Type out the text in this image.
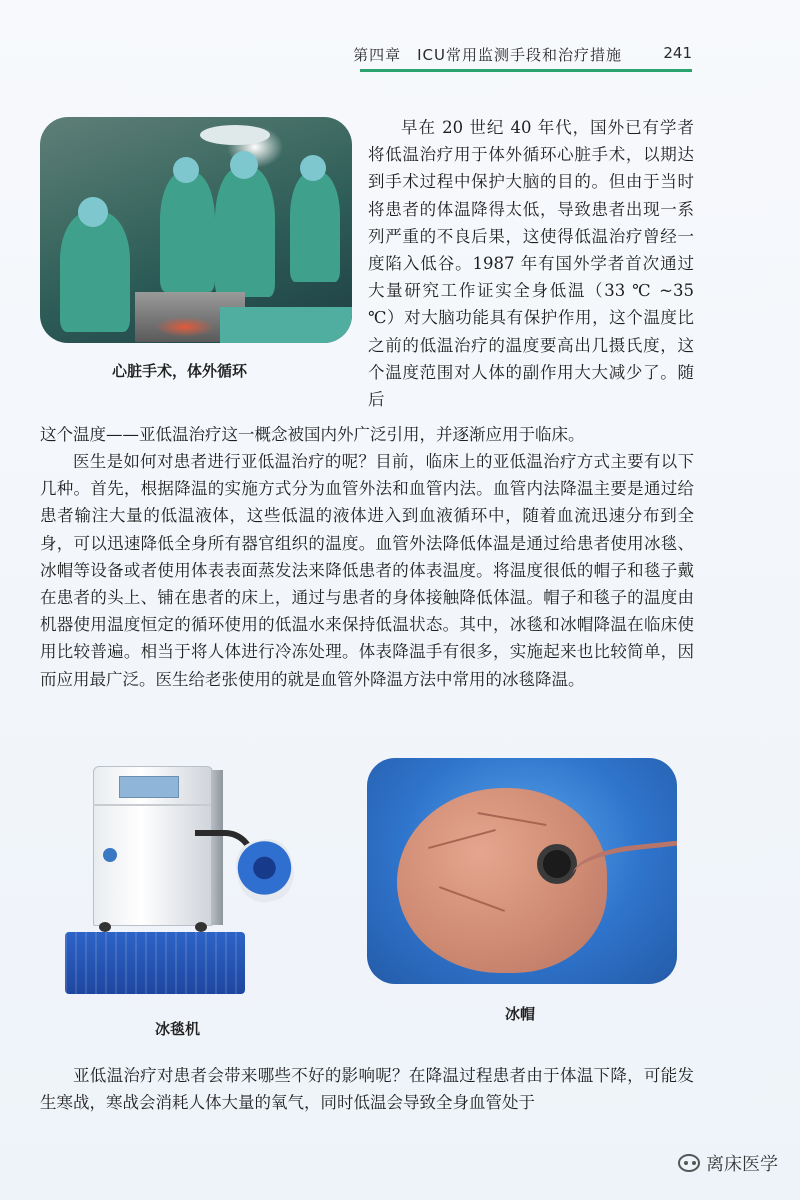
第四章　ICU常用监测手段和治疗措施	241
心脏手术，体外循环
早在 20 世纪 40 年代，国外已有学者将低温治疗用于体外循环心脏手术，以期达到手术过程中保护大脑的目的。但由于当时将患者的体温降得太低，导致患者出现一系列严重的不良后果，这使得低温治疗曾经一度陷入低谷。1987 年有国外学者首次通过大量研究工作证实全身低温（33 ℃ ~35 ℃）对大脑功能具有保护作用，这个温度比之前的低温治疗的温度要高出几摄氏度，这个温度范围对人体的副作用大大减少了。随后
这个温度——亚低温治疗这一概念被国内外广泛引用，并逐渐应用于临床。
医生是如何对患者进行亚低温治疗的呢？目前，临床上的亚低温治疗方式主要有以下几种。首先，根据降温的实施方式分为血管外法和血管内法。血管内法降温主要是通过给患者输注大量的低温液体，这些低温的液体进入到血液循环中，随着血流迅速分布到全身，可以迅速降低全身所有器官组织的温度。血管外法降低体温是通过给患者使用冰毯、冰帽等设备或者使用体表表面蒸发法来降低患者的体表温度。将温度很低的帽子和毯子戴在患者的头上、铺在患者的床上，通过与患者的身体接触降低体温。帽子和毯子的温度由机器使用温度恒定的循环使用的低温水来保持低温状态。其中，冰毯和冰帽降温在临床使用比较普遍。相当于将人体进行冷冻处理。体表降温手有很多，实施起来也比较简单，因而应用最广泛。医生给老张使用的就是血管外降温方法中常用的冰毯降温。
冰毯机
冰帽
亚低温治疗对患者会带来哪些不好的影响呢？在降温过程患者由于体温下降，可能发生寒战，寒战会消耗人体大量的氧气，同时低温会导致全身血管处于
离床医学
